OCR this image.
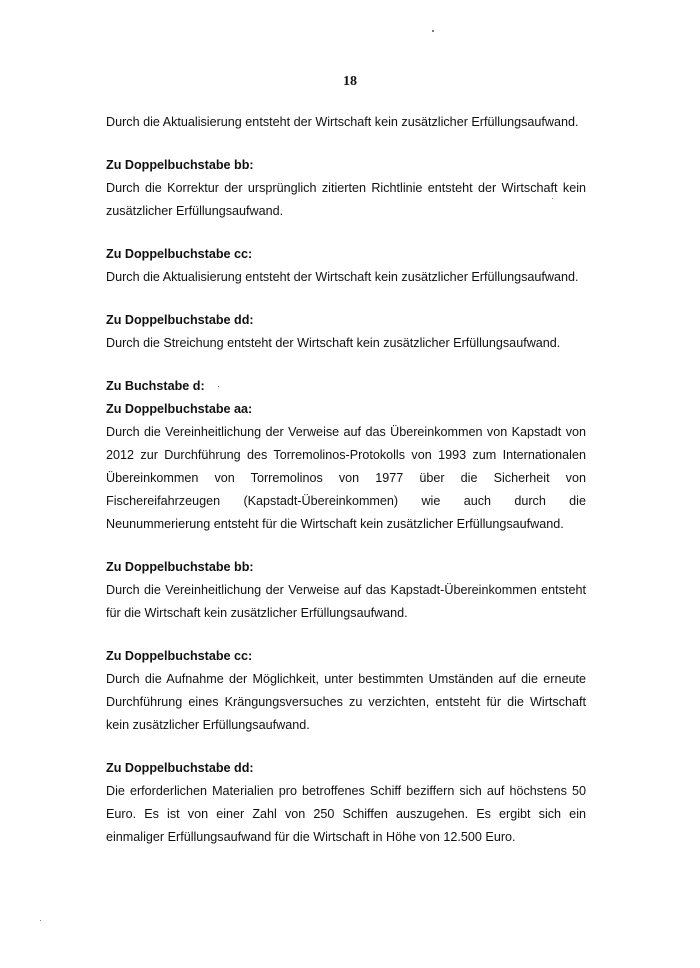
18

Durch die Aktualisierung entsteht der Wirtschaft kein zusätzlicher Erfüllungsaufwand.

Zu Doppelbuchstabe bb:

Durch die Korrektur der ursprünglich zitierten Richtlinie entsteht der Wirtschaft kein zusätzlicher Erfüllungsaufwand.

Zu Doppelbuchstabe cc:

Durch die Aktualisierung entsteht der Wirtschaft kein zusätzlicher Erfüllungsaufwand.

Zu Doppelbuchstabe dd:

Durch die Streichung entsteht der Wirtschaft kein zusätzlicher Erfüllungsaufwand.

Zu Buchstabe d:

Zu Doppelbuchstabe aa:

Durch die Vereinheitlichung der Verweise auf das Übereinkommen von Kapstadt von 2012 zur Durchführung des Torremolinos-Protokolls von 1993 zum Internationalen Übereinkommen von Torremolinos von 1977 über die Sicherheit von Fischereifahrzeugen (Kapstadt-Übereinkommen) wie auch durch die Neunummerierung entsteht für die Wirtschaft kein zusätzlicher Erfüllungsaufwand.

Zu Doppelbuchstabe bb:

Durch die Vereinheitlichung der Verweise auf das Kapstadt-Übereinkommen entsteht für die Wirtschaft kein zusätzlicher Erfüllungsaufwand.

Zu Doppelbuchstabe cc:

Durch die Aufnahme der Möglichkeit, unter bestimmten Umständen auf die erneute Durchführung eines Krängungsversuches zu verzichten, entsteht für die Wirtschaft kein zusätzlicher Erfüllungsaufwand.

Zu Doppelbuchstabe dd:

Die erforderlichen Materialien pro betroffenes Schiff beziffern sich auf höchstens 50 Euro. Es ist von einer Zahl von 250 Schiffen auszugehen. Es ergibt sich ein einmaliger Erfüllungsaufwand für die Wirtschaft in Höhe von 12.500 Euro.
